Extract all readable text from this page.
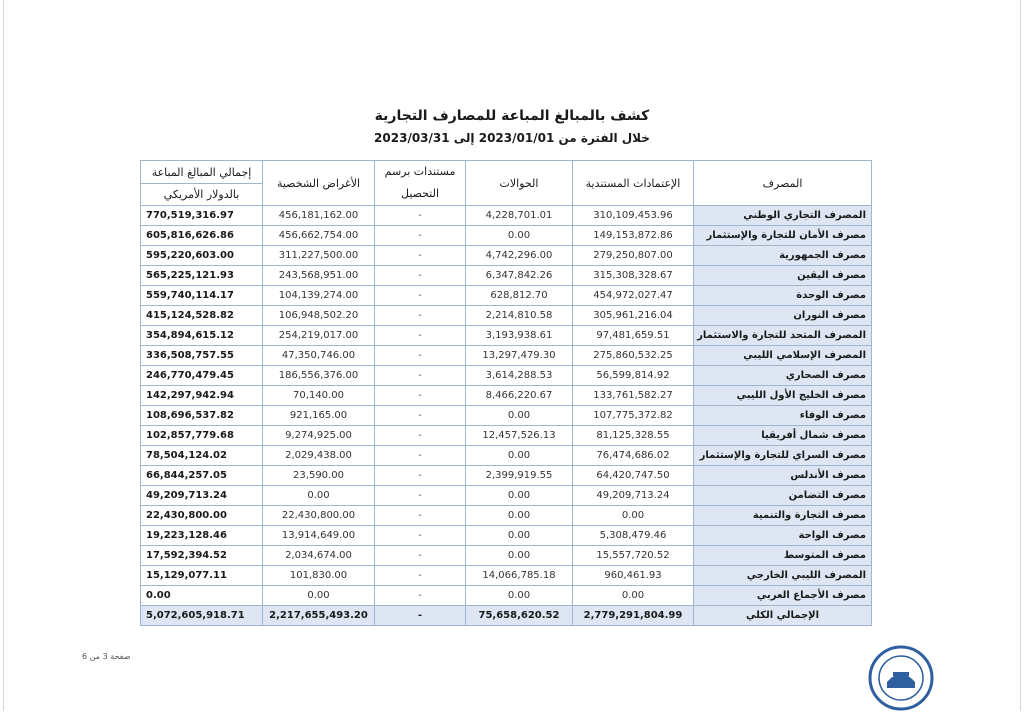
كشف بالمبالغ المباعة للمصارف التجارية
خلال الفترة من 2023/01/01 إلى 2023/03/31
المصرف	الإعتمادات المستندية	الحوالات	مستندات برسم التحصيل	الأغراض الشخصية	إجمالي المبالغ المباعة
					بالدولار الأمريكي
المصرف التجاري الوطني	310,109,453.96	4,228,701.01	-	456,181,162.00	770,519,316.97
مصرف الأمان للتجارة والإستثمار	149,153,872.86	0.00	-	456,662,754.00	605,816,626.86
مصرف الجمهورية	279,250,807.00	4,742,296.00	-	311,227,500.00	595,220,603.00
مصرف اليقين	315,308,328.67	6,347,842.26	-	243,568,951.00	565,225,121.93
مصرف الوحدة	454,972,027.47	628,812.70	-	104,139,274.00	559,740,114.17
مصرف النوران	305,961,216.04	2,214,810.58	-	106,948,502.20	415,124,528.82
المصرف المتحد للتجارة والاستثمار	97,481,659.51	3,193,938.61	-	254,219,017.00	354,894,615.12
المصرف الإسلامي الليبي	275,860,532.25	13,297,479.30	-	47,350,746.00	336,508,757.55
مصرف الصحاري	56,599,814.92	3,614,288.53	-	186,556,376.00	246,770,479.45
مصرف الخليج الأول الليبي	133,761,582.27	8,466,220.67	-	70,140.00	142,297,942.94
مصرف الوفاء	107,775,372.82	0.00	-	921,165.00	108,696,537.82
مصرف شمال أفريقيا	81,125,328.55	12,457,526.13	-	9,274,925.00	102,857,779.68
مصرف السراي للتجارة والإستثمار	76,474,686.02	0.00	-	2,029,438.00	78,504,124.02
مصرف الأندلس	64,420,747.50	2,399,919.55	-	23,590.00	66,844,257.05
مصرف التضامن	49,209,713.24	0.00	-	0.00	49,209,713.24
مصرف التجارة والتنمية	0.00	0.00	-	22,430,800.00	22,430,800.00
مصرف الواحة	5,308,479.46	0.00	-	13,914,649.00	19,223,128.46
مصرف المتوسط	15,557,720.52	0.00	-	2,034,674.00	17,592,394.52
المصرف الليبي الخارجي	960,461.93	14,066,785.18	-	101,830.00	15,129,077.11
مصرف الأجماع العربي	0.00	0.00	-	0.00	0.00
الإجمالي الكلي	2,779,291,804.99	75,658,620.52	-	2,217,655,493.20	5,072,605,918.71
صفحة 3 من 6
